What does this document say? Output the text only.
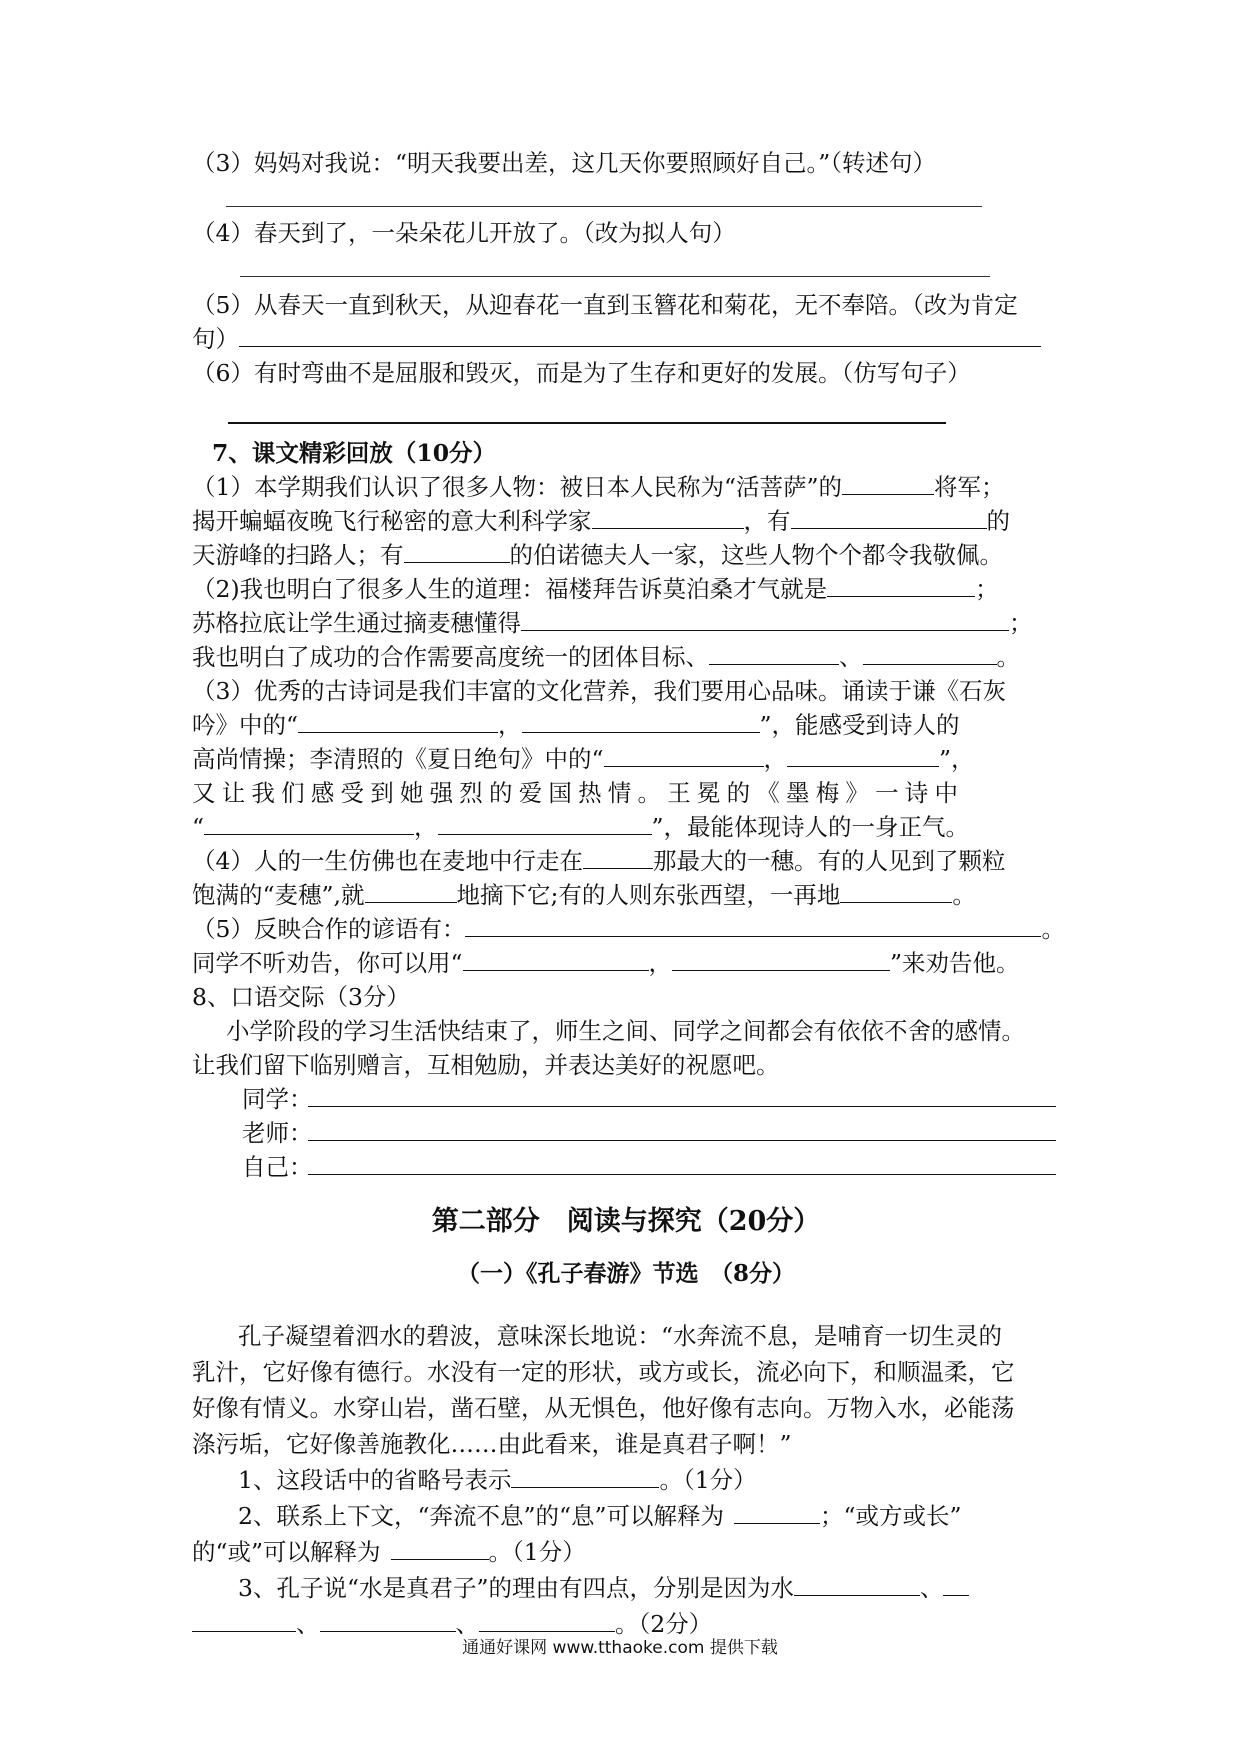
（3）妈妈对我说：“明天我要出差，这几天你要照顾好自己。”（转述句）
（4）春天到了，一朵朵花儿开放了。（改为拟人句）
（5）从春天一直到秋天，从迎春花一直到玉簪花和菊花，无不奉陪。（改为肯定
句）
（6）有时弯曲不是屈服和毁灭，而是为了生存和更好的发展。（仿写句子）
7、课文精彩回放（10分）
（1）本学期我们认识了很多人物：被日本人民称为“活菩萨”的	将军；
揭开蝙蝠夜晚飞行秘密的意大利科学家	，有	的
天游峰的扫路人；有	的伯诺德夫人一家，这些人物个个都令我敬佩。
（2)我也明白了很多人生的道理：福楼拜告诉莫泊桑才气就是	；
苏格拉底让学生通过摘麦穗懂得	；
我也明白了成功的合作需要高度统一的团体目标、	、	。
（3）优秀的古诗词是我们丰富的文化营养，我们要用心品味。诵读于谦《石灰
吟》中的“	，	”，能感受到诗人的
高尚情操；李清照的《夏日绝句》中的“	，	”，
又让我们感受到她强烈的爱国热情。王冕的《墨梅》一诗中
“	，	”，最能体现诗人的一身正气。
（4）人的一生仿佛也在麦地中行走在	那最大的一穗。有的人见到了颗粒
饱满的“麦穗”,就	地摘下它;有的人则东张西望，一再地	。
（5）反映合作的谚语有：	。
同学不听劝告，你可以用“	，	”来劝告他。
8、口语交际（3分）
小学阶段的学习生活快结束了，师生之间、同学之间都会有依依不舍的感情。
让我们留下临别赠言，互相勉励，并表达美好的祝愿吧。
同学：
老师：
自己：
第二部分　阅读与探究（20分）
（一）《孔子春游》节选　（8分）
孔子凝望着泗水的碧波，意味深长地说：“水奔流不息，是哺育一切生灵的
乳汁，它好像有德行。水没有一定的形状，或方或长，流必向下，和顺温柔，它
好像有情义。水穿山岩，凿石壁，从无惧色，他好像有志向。万物入水，必能荡
涤污垢，它好像善施教化……由此看来，谁是真君子啊！”
1、这段话中的省略号表示	。（1分）
2、联系上下文，“奔流不息”的“息”可以解释为	；“或方或长”
的“或”可以解释为	。（1分）
3、孔子说“水是真君子”的理由有四点，分别是因为水	、
、	、	。（2分）
通通好课网 www.tthaoke.com 提供下载
